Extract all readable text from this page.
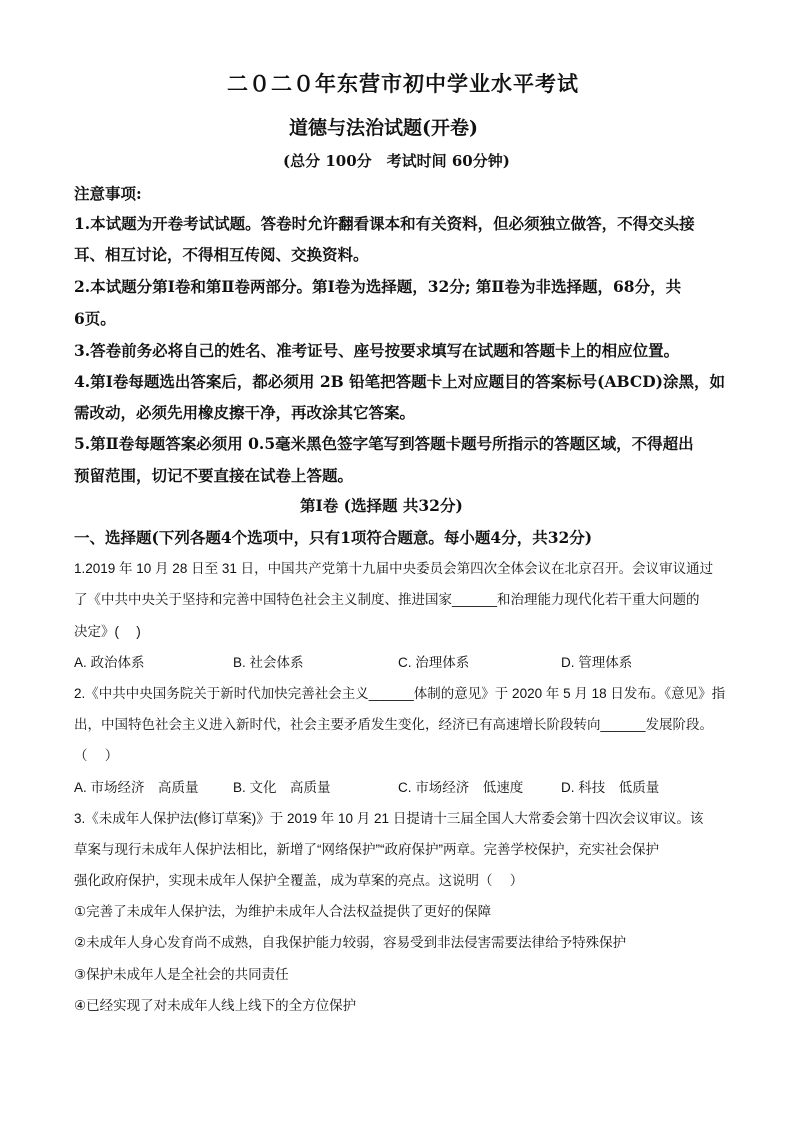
二０二０年东营市初中学业水平考试
道德与法治试题(开卷)
(总分 100分　考试时间 60分钟)
注意事项:
1.本试题为开卷考试试题。答卷时允许翻看课本和有关资料，但必须独立做答，不得交头接
耳、相互讨论，不得相互传阅、交换资料。
2.本试题分第Ⅰ卷和第Ⅱ卷两部分。第Ⅰ卷为选择题，32分; 第Ⅱ卷为非选择题，68分，共
6页。
3.答卷前务必将自己的姓名、准考证号、座号按要求填写在试题和答题卡上的相应位置。
4.第Ⅰ卷每题选出答案后，都必须用 2B 铅笔把答题卡上对应题目的答案标号(ABCD)涂黑，如
需改动，必须先用橡皮擦干净，再改涂其它答案。
5.第Ⅱ卷每题答案必须用 0.5毫米黑色签字笔写到答题卡题号所指示的答题区域，不得超出
预留范围，切记不要直接在试卷上答题。
第Ⅰ卷 (选择题 共32分)
一、选择题(下列各题4个选项中，只有1项符合题意。每小题4分，共32分)
1.2019 年 10 月 28 日至 31 日，中国共产党第十九届中央委员会第四次全体会议在北京召开。会议审议通过
了《中共中央关于坚持和完善中国特色社会主义制度、推进国家______和治理能力现代化若干重大问题的
决定》(　 )
A. 政治体系	B. 社会体系	C. 治理体系	D. 管理体系
2.《中共中央国务院关于新时代加快完善社会主义______体制的意见》于 2020 年 5 月 18 日发布。《意见》指
出，中国特色社会主义进入新时代，社会主要矛盾发生变化，经济已有高速增长阶段转向______发展阶段。
（　 ）
A. 市场经济　高质量	B. 文化　高质量	C. 市场经济　低速度	D. 科技　低质量
3.《未成年人保护法(修订草案)》于 2019 年 10 月 21 日提请十三届全国人大常委会第十四次会议审议。该
草案与现行未成年人保护法相比，新增了“网络保护”“政府保护”两章。完善学校保护，充实社会保护
强化政府保护，实现未成年人保护全覆盖，成为草案的亮点。这说明（　 ）
①完善了未成年人保护法，为维护未成年人合法权益提供了更好的保障
②未成年人身心发育尚不成熟，自我保护能力较弱，容易受到非法侵害需要法律给予特殊保护
③保护未成年人是全社会的共同责任
④已经实现了对未成年人线上线下的全方位保护
